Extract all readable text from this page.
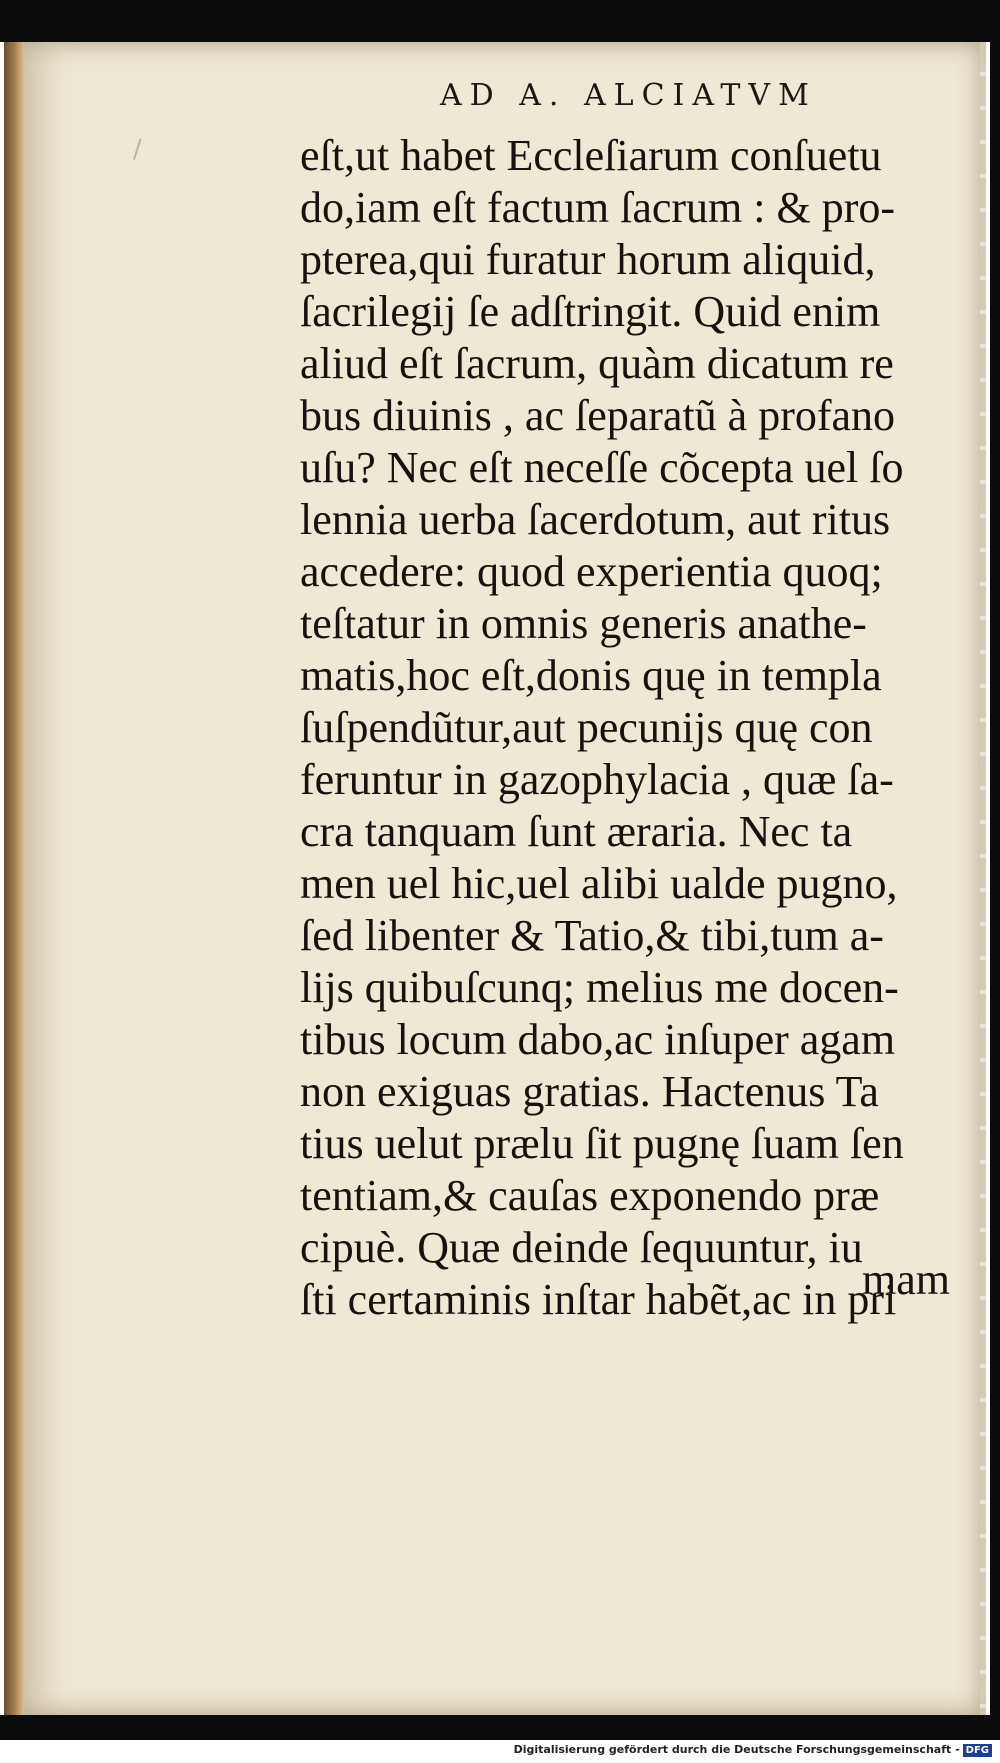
AD A. ALCIATVM
eſt,ut habet Eccleſiarum conſuetu
do,iam eſt factum ſacrum : & pro-
pterea,qui furatur horum aliquid,
ſacrilegij ſe adſtringit. Quid enim
aliud eſt ſacrum, quàm dicatum re
bus diuinis , ac ſeparatũ à profano
uſu? Nec eſt neceſſe cõcepta uel ſo
lennia uerba ſacerdotum, aut ritus
accedere: quod experientia quoq;
teſtatur in omnis generis anathe-
matis,hoc eſt,donis quę in templa
ſuſpendũtur,aut pecunijs quę con
feruntur in gazophylacia , quæ ſa-
cra tanquam ſunt æraria. Nec ta
men uel hic,uel alibi ualde pugno,
ſed libenter & Tatio,& tibi,tum a-
lijs quibuſcunq; melius me docen-
tibus locum dabo,ac inſuper agam
non exiguas gratias. Hactenus Ta
tius uelut prælu ſit pugnę ſuam ſen
tentiam,& cauſas exponendo præ
cipuè. Quæ deinde ſequuntur, iu
ſti certaminis inſtar habẽt,ac in pri
mam
Digitalisierung gefördert durch die Deutsche Forschungsgemeinschaft - DFG
